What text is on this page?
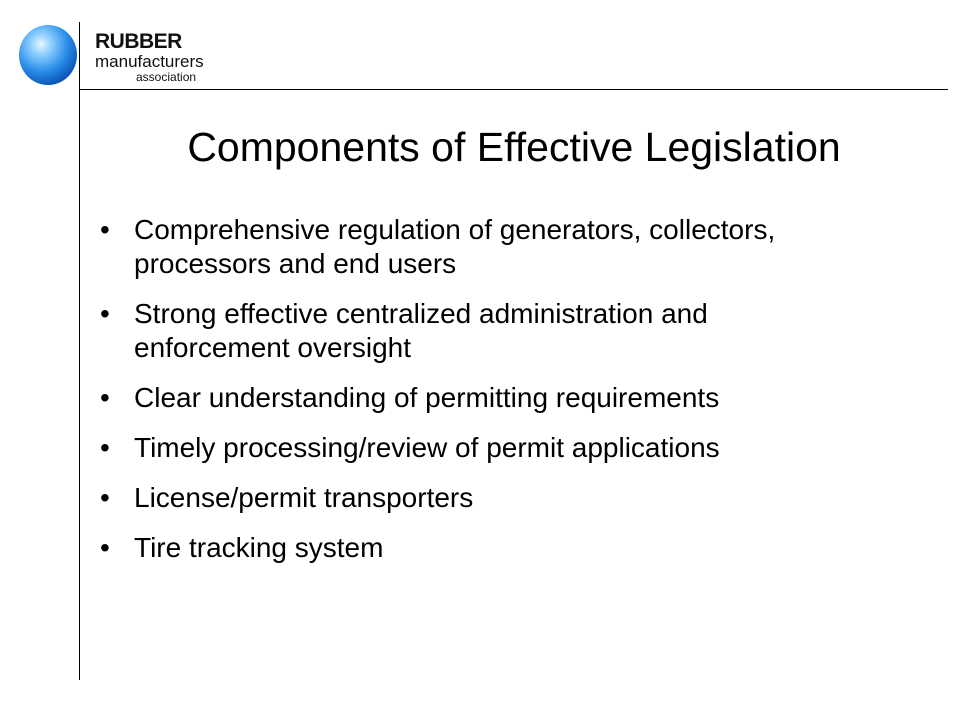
RUBBER
manufacturers
association
Components of Effective Legislation
• Comprehensive regulation of generators, collectors, processors and end users
• Strong effective centralized administration and enforcement oversight
• Clear understanding of permitting requirements
• Timely processing/review of permit applications
• License/permit transporters
• Tire tracking system
